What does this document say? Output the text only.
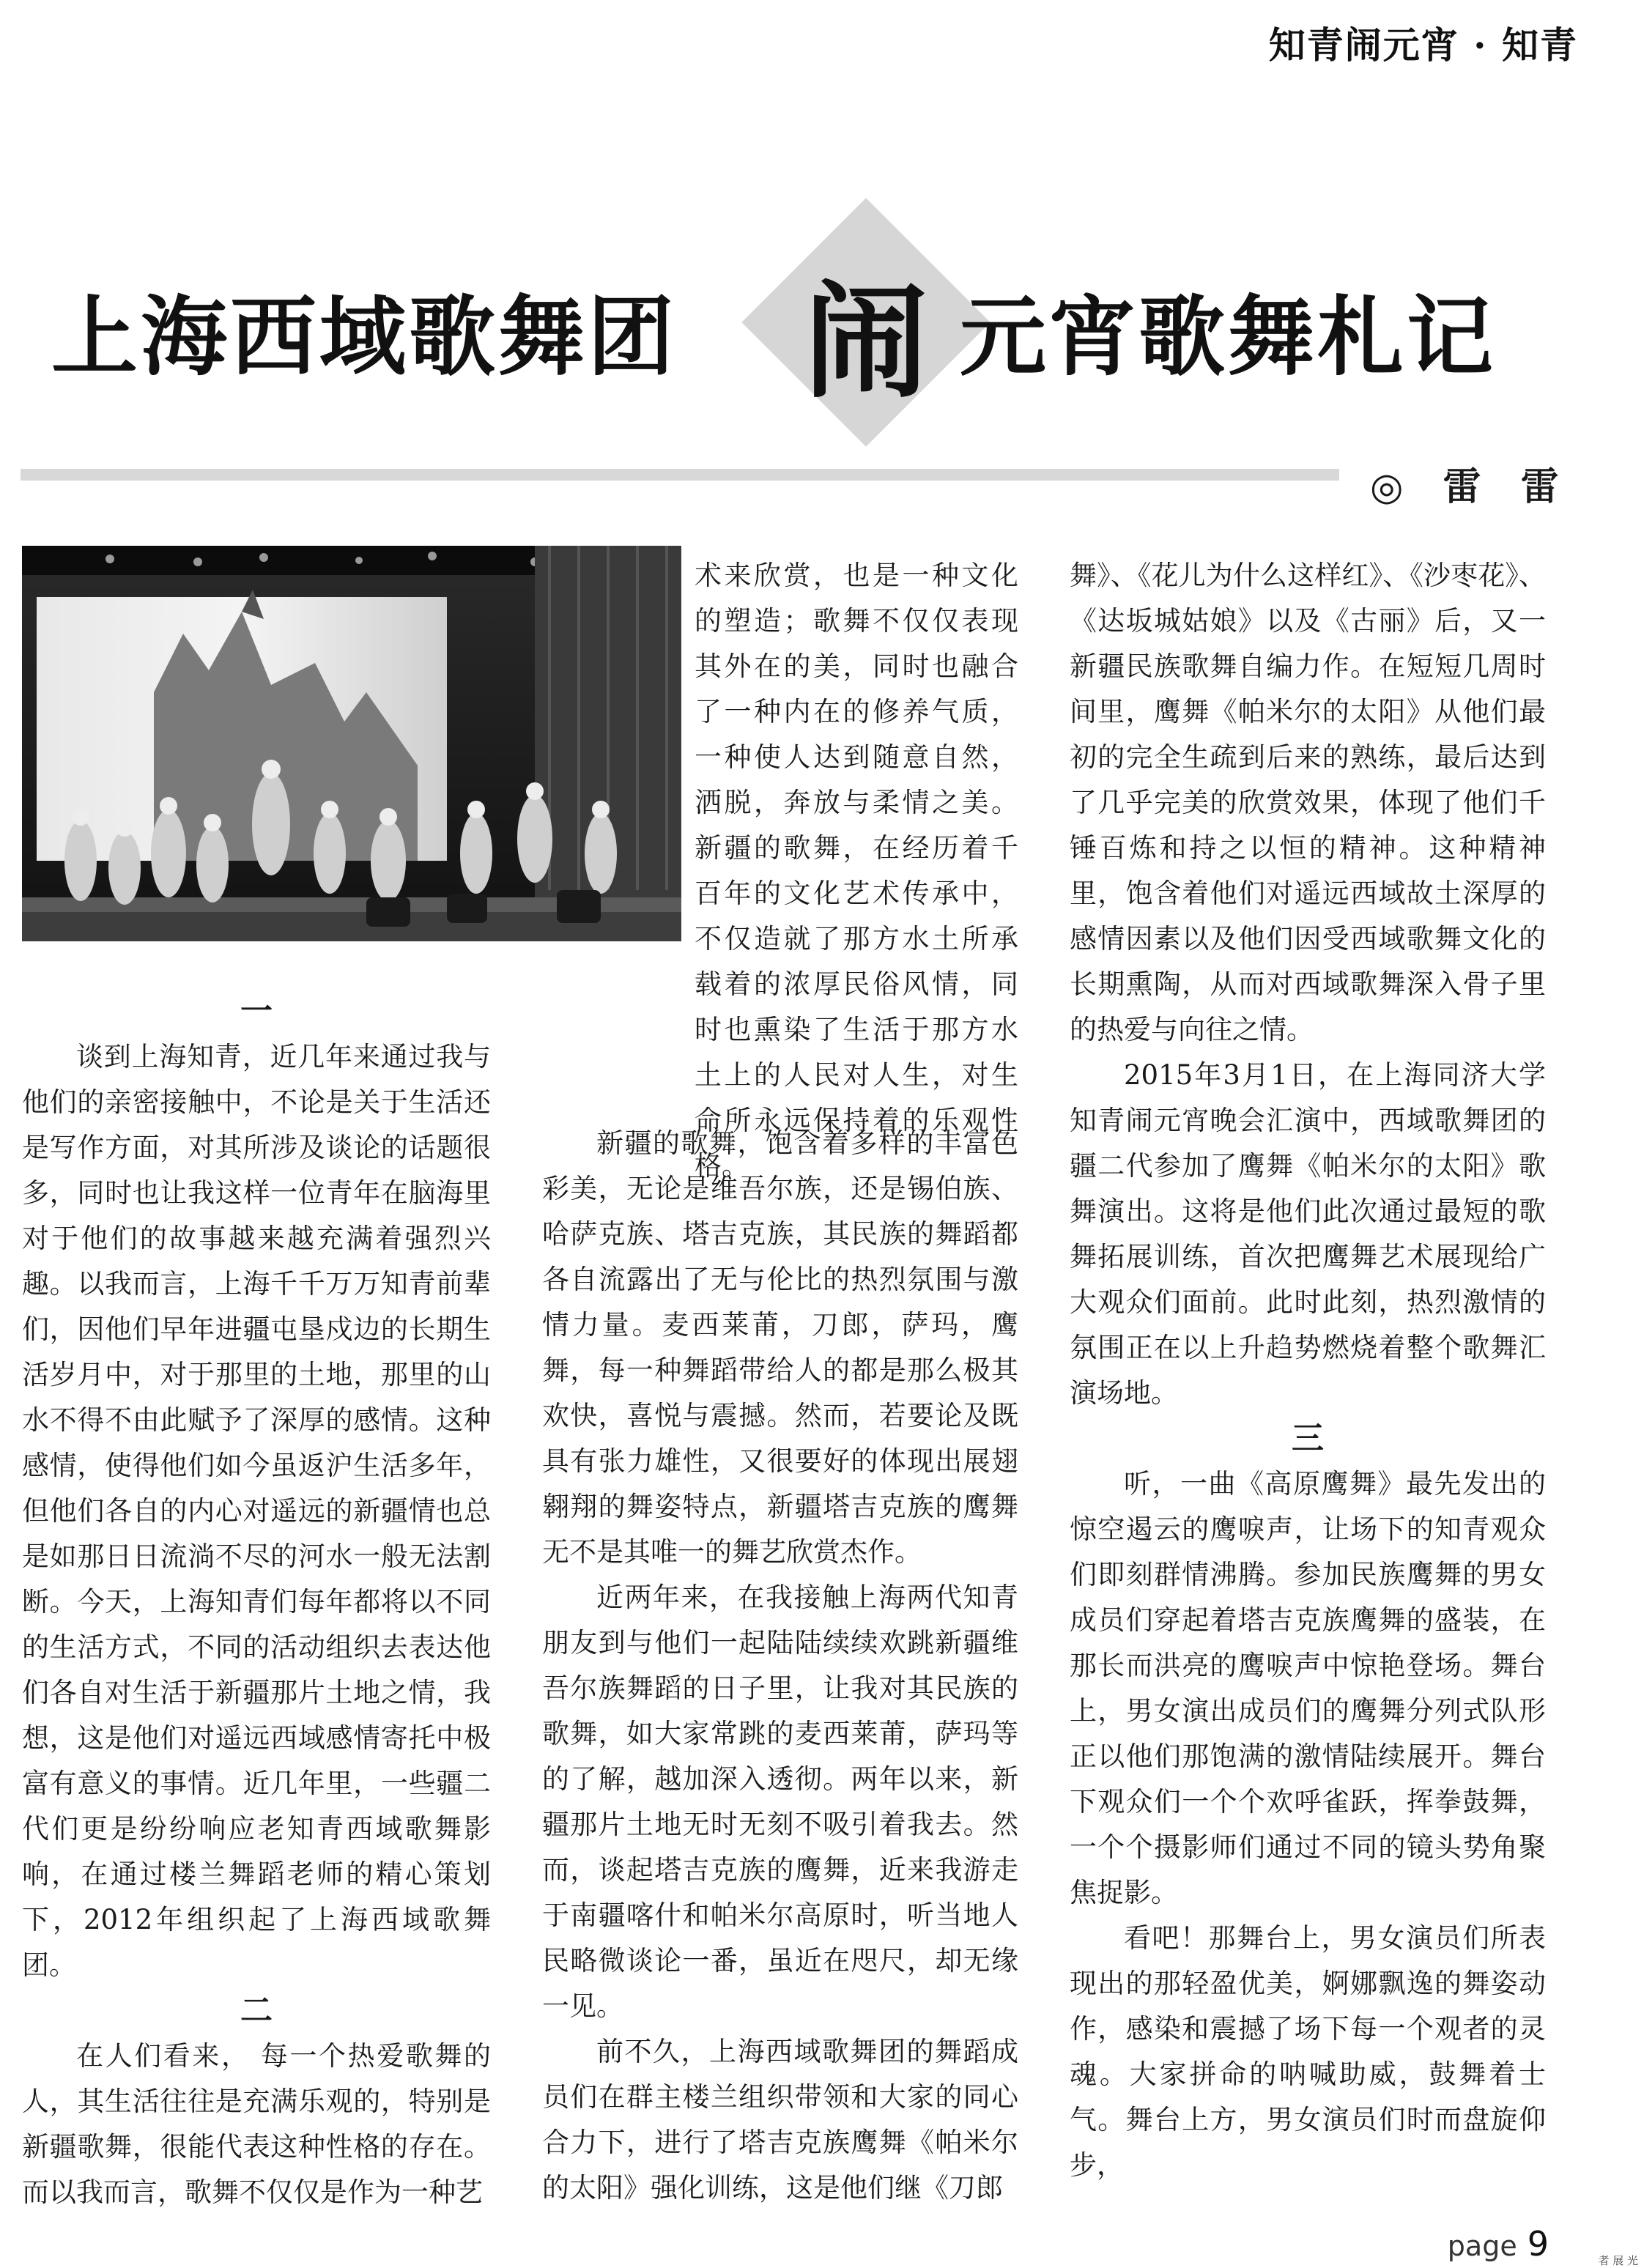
知青闹元宵 · 知青
上海西域歌舞团	闹 元宵歌舞札记
◎ 雷 雷
一

谈到上海知青，近几年来通过我与他们的亲密接触中，不论是关于生活还是写作方面，对其所涉及谈论的话题很多，同时也让我这样一位青年在脑海里对于他们的故事越来越充满着强烈兴趣。以我而言，上海千千万万知青前辈们，因他们早年进疆屯垦戍边的长期生活岁月中，对于那里的土地，那里的山水不得不由此赋予了深厚的感情。这种感情，使得他们如今虽返沪生活多年，但他们各自的内心对遥远的新疆情也总是如那日日流淌不尽的河水一般无法割断。今天，上海知青们每年都将以不同的生活方式，不同的活动组织去表达他们各自对生活于新疆那片土地之情，我想，这是他们对遥远西域感情寄托中极富有意义的事情。近几年里，一些疆二代们更是纷纷响应老知青西域歌舞影响，在通过楼兰舞蹈老师的精心策划下，2012年组织起了上海西域歌舞团。

二

在人们看来， 每一个热爱歌舞的人，其生活往往是充满乐观的，特别是新疆歌舞，很能代表这种性格的存在。而以我而言，歌舞不仅仅是作为一种艺

术来欣赏，也是一种文化的塑造；歌舞不仅仅表现其外在的美，同时也融合了一种内在的修养气质，一种使人达到随意自然，洒脱，奔放与柔情之美。新疆的歌舞，在经历着千百年的文化艺术传承中，不仅造就了那方水土所承载着的浓厚民俗风情，同时也熏染了生活于那方水土上的人民对人生，对生命所永远保持着的乐观性格。

新疆的歌舞，饱含着多样的丰富色彩美，无论是维吾尔族，还是锡伯族、哈萨克族、塔吉克族，其民族的舞蹈都各自流露出了无与伦比的热烈氛围与激情力量。麦西莱莆，刀郎，萨玛，鹰舞，每一种舞蹈带给人的都是那么极其欢快，喜悦与震撼。然而，若要论及既具有张力雄性，又很要好的体现出展翅翱翔的舞姿特点，新疆塔吉克族的鹰舞无不是其唯一的舞艺欣赏杰作。

近两年来，在我接触上海两代知青朋友到与他们一起陆陆续续欢跳新疆维吾尔族舞蹈的日子里，让我对其民族的歌舞，如大家常跳的麦西莱莆，萨玛等的了解，越加深入透彻。两年以来，新疆那片土地无时无刻不吸引着我去。然而，谈起塔吉克族的鹰舞，近来我游走于南疆喀什和帕米尔高原时，听当地人民略微谈论一番，虽近在咫尺，却无缘一见。

前不久，上海西域歌舞团的舞蹈成员们在群主楼兰组织带领和大家的同心合力下，进行了塔吉克族鹰舞《帕米尔的太阳》强化训练，这是他们继《刀郎

舞》、《花儿为什么这样红》、《沙枣花》、《达坂城姑娘》以及《古丽》后，又一新疆民族歌舞自编力作。在短短几周时间里，鹰舞《帕米尔的太阳》从他们最初的完全生疏到后来的熟练，最后达到了几乎完美的欣赏效果，体现了他们千锤百炼和持之以恒的精神。这种精神里，饱含着他们对遥远西域故土深厚的感情因素以及他们因受西域歌舞文化的长期熏陶，从而对西域歌舞深入骨子里的热爱与向往之情。

2015年3月1日，在上海同济大学知青闹元宵晚会汇演中，西域歌舞团的疆二代参加了鹰舞《帕米尔的太阳》歌舞演出。这将是他们此次通过最短的歌舞拓展训练，首次把鹰舞艺术展现给广大观众们面前。此时此刻，热烈激情的氛围正在以上升趋势燃烧着整个歌舞汇演场地。

三

听，一曲《高原鹰舞》最先发出的惊空遏云的鹰唳声，让场下的知青观众们即刻群情沸腾。参加民族鹰舞的男女成员们穿起着塔吉克族鹰舞的盛装，在那长而洪亮的鹰唳声中惊艳登场。舞台上，男女演出成员们的鹰舞分列式队形正以他们那饱满的激情陆续展开。舞台下观众们一个个欢呼雀跃，挥拳鼓舞，一个个摄影师们通过不同的镜头势角聚焦捉影。

看吧！那舞台上，男女演员们所表现出的那轻盈优美，婀娜飘逸的舞姿动作，感染和震撼了场下每一个观者的灵魂。大家拼命的呐喊助威，鼓舞着士气。舞台上方，男女演员们时而盘旋仰步，

page 9	者 展 光
